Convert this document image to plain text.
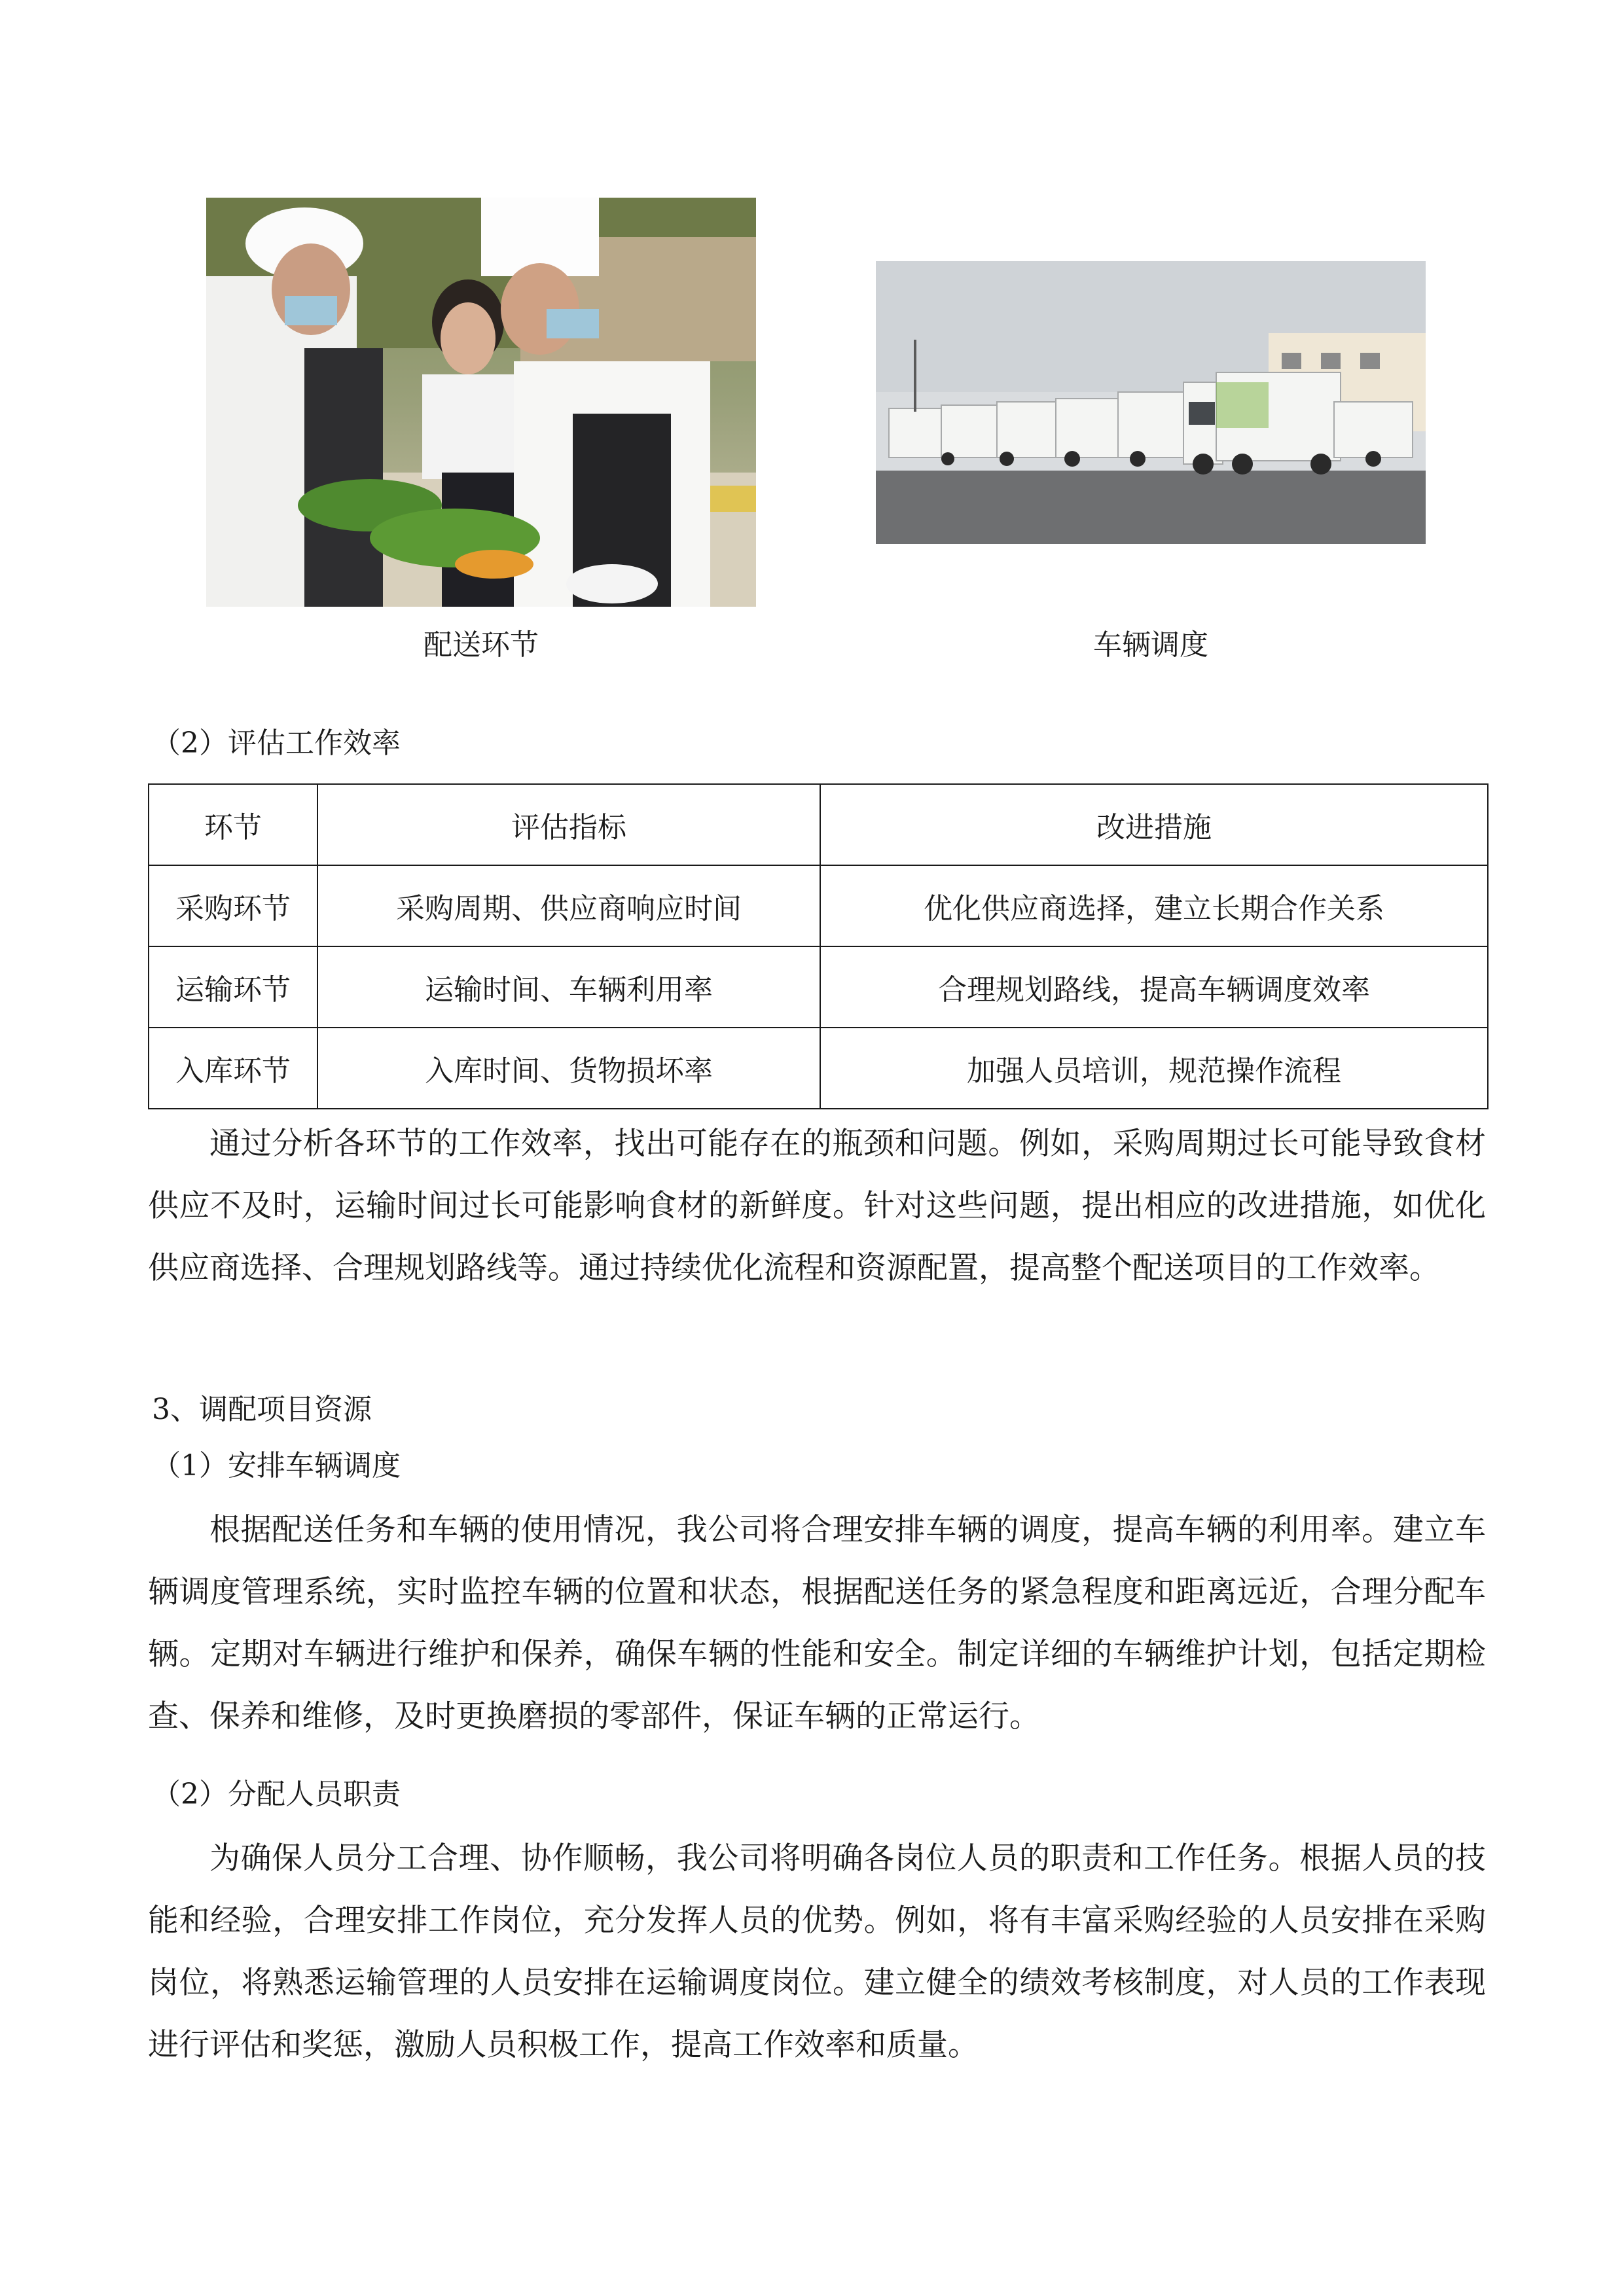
配送环节	车辆调度
（2）评估工作效率
环节	评估指标	改进措施
采购环节	采购周期、供应商响应时间	优化供应商选择，建立长期合作关系
运输环节	运输时间、车辆利用率	合理规划路线，提高车辆调度效率
入库环节	入库时间、货物损坏率	加强人员培训，规范操作流程

通过分析各环节的工作效率，找出可能存在的瓶颈和问题。例如，采购周期过长可能导致食材供应不及时，运输时间过长可能影响食材的新鲜度。针对这些问题，提出相应的改进措施，如优化供应商选择、合理规划路线等。通过持续优化流程和资源配置，提高整个配送项目的工作效率。

3、调配项目资源
（1）安排车辆调度

根据配送任务和车辆的使用情况，我公司将合理安排车辆的调度，提高车辆的利用率。建立车辆调度管理系统，实时监控车辆的位置和状态，根据配送任务的紧急程度和距离远近，合理分配车辆。定期对车辆进行维护和保养，确保车辆的性能和安全。制定详细的车辆维护计划，包括定期检查、保养和维修，及时更换磨损的零部件，保证车辆的正常运行。

（2）分配人员职责

为确保人员分工合理、协作顺畅，我公司将明确各岗位人员的职责和工作任务。根据人员的技能和经验，合理安排工作岗位，充分发挥人员的优势。例如，将有丰富采购经验的人员安排在采购岗位，将熟悉运输管理的人员安排在运输调度岗位。建立健全的绩效考核制度，对人员的工作表现进行评估和奖惩，激励人员积极工作，提高工作效率和质量。
